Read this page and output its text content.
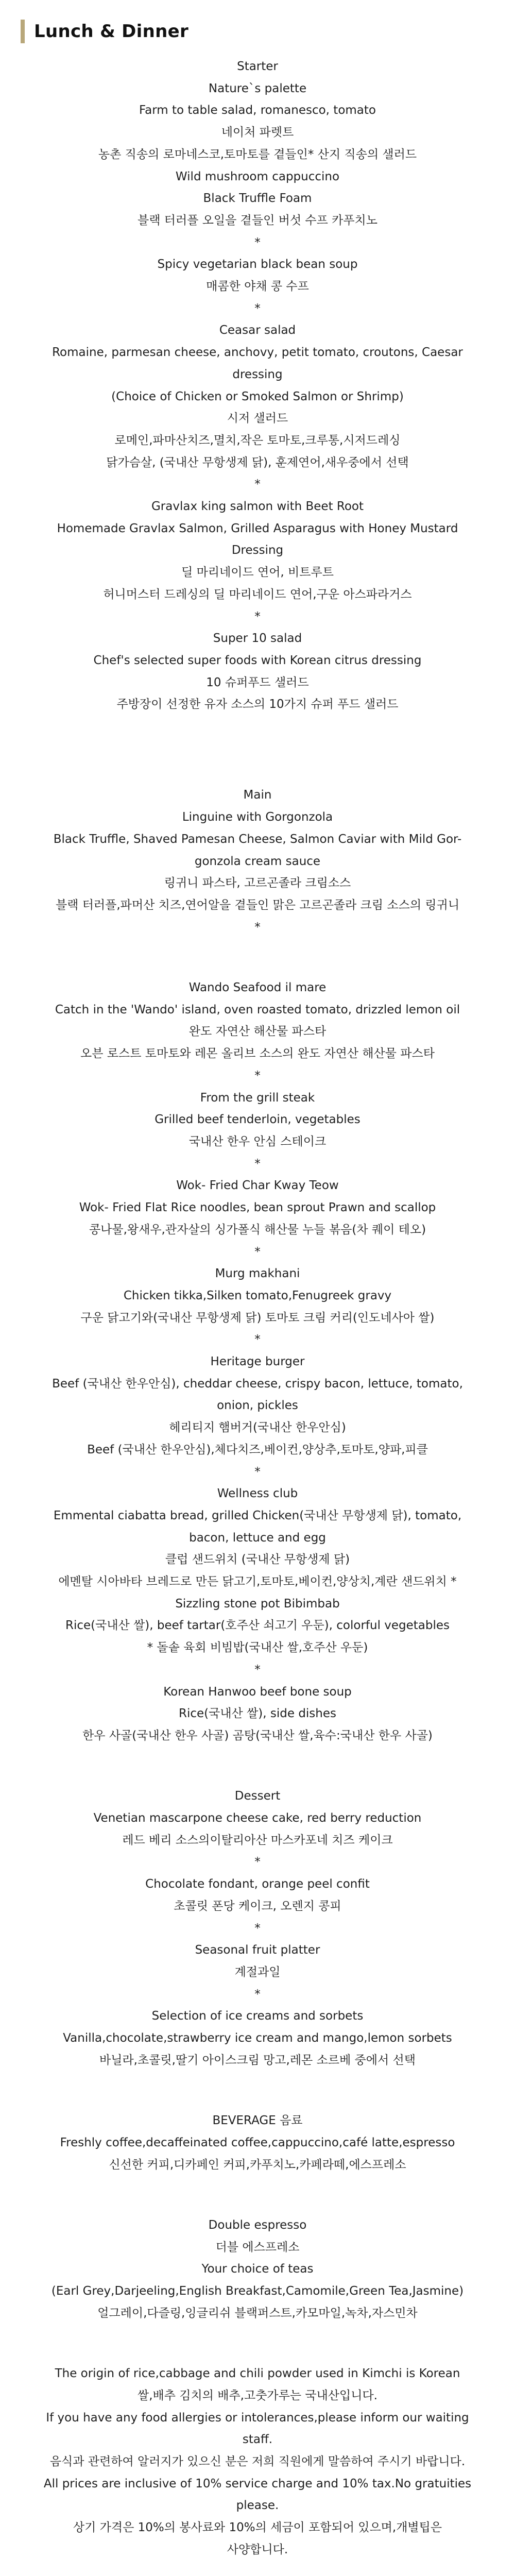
Lunch & Dinner

Starter

Nature`s palette

Farm to table salad, romanesco, tomato

네이처 파렛트

농촌 직송의 로마네스코,토마토를 곁들인* 산지 직송의 샐러드

Wild mushroom cappuccino

Black Truffle Foam

블랙 터러플 오일을 곁들인 버섯 수프 카푸치노

*

Spicy vegetarian black bean soup

매콤한 야채 콩 수프

*

Ceasar salad

Romaine, parmesan cheese, anchovy, petit tomato, croutons, Caesar

dressing

(Choice of Chicken or Smoked Salmon or Shrimp)

시저 샐러드

로메인,파마산치즈,멸치,작은 토마토,크루통,시저드레싱

닭가슴살, (국내산 무항생제 닭), 훈제연어,새우중에서 선택

*

Gravlax king salmon with Beet Root

Homemade Gravlax Salmon, Grilled Asparagus with Honey Mustard

Dressing

딜 마리네이드 연어, 비트루트

허니머스터 드레싱의 딜 마리네이드 연어,구운 아스파라거스

*

Super 10 salad

Chef's selected super foods with Korean citrus dressing

10 슈퍼푸드 샐러드

주방장이 선정한 유자 소스의 10가지 슈퍼 푸드 샐러드

Main

Linguine with Gorgonzola

Black Truffle, Shaved Pamesan Cheese, Salmon Caviar with Mild Gor-

gonzola cream sauce

링귀니 파스타, 고르곤졸라 크림소스

블랙 터러플,파머산 치즈,연어알을 곁들인 맑은 고르곤졸라 크림 소스의 링귀니

*

Wando Seafood il mare

Catch in the 'Wando' island, oven roasted tomato, drizzled lemon oil

완도 자연산 해산물 파스타

오븐 로스트 토마토와 레몬 올리브 소스의 완도 자연산 해산물 파스타

*

From the grill steak

Grilled beef tenderloin, vegetables

국내산 한우 안심 스테이크

*

Wok- Fried Char Kway Teow

Wok- Fried Flat Rice noodles, bean sprout Prawn and scallop

콩나물,왕새우,관자살의 싱가폴식 해산물 누들 볶음(차 퀘이 테오)

*

Murg makhani

Chicken tikka,Silken tomato,Fenugreek gravy

구운 닭고기와(국내산 무항생제 닭) 토마토 크림 커리(인도네사아 쌀)

*

Heritage burger

Beef (국내산 한우안심), cheddar cheese, crispy bacon, lettuce, tomato,

onion, pickles

헤리티지 햄버거(국내산 한우안심)

Beef (국내산 한우안심),체다치즈,베이컨,양상추,토마토,양파,피클

*

Wellness club

Emmental ciabatta bread, grilled Chicken(국내산 무항생제 닭), tomato,

bacon, lettuce and egg

클럽 샌드위치 (국내산 무항생제 닭)

에멘탈 시아바타 브레드로 만든 닭고기,토마토,베이컨,양상치,계란 샌드위치 *

Sizzling stone pot Bibimbab

Rice(국내산 쌀), beef tartar(호주산 쇠고기 우둔), colorful vegetables

* 돌솥 육회 비빔밥(국내산 쌀,호주산 우둔)

*

Korean Hanwoo beef bone soup

Rice(국내산 쌀), side dishes

한우 사골(국내산 한우 사골) 곰탕(국내산 쌀,육수:국내산 한우 사골)

Dessert

Venetian mascarpone cheese cake, red berry reduction

레드 베리 소스의이탈리아산 마스카포네 치즈 케이크

*

Chocolate fondant, orange peel confit

초콜릿 폰당 케이크, 오렌지 콩피

*

Seasonal fruit platter

계절과일

*

Selection of ice creams and sorbets

Vanilla,chocolate,strawberry ice cream and mango,lemon sorbets

바닐라,초콜릿,딸기 아이스크림 망고,레몬 소르베 중에서 선택

BEVERAGE 음료

Freshly coffee,decaffeinated coffee,cappuccino,café latte,espresso

신선한 커피,디카페인 커피,카푸치노,카페라떼,에스프레소

Double espresso

더블 에스프레소

Your choice of teas

(Earl Grey,Darjeeling,English Breakfast,Camomile,Green Tea,Jasmine)

얼그레이,다즐링,잉글리쉬 블랙퍼스트,카모마일,녹차,자스민차

The origin of rice,cabbage and chili powder used in Kimchi is Korean

쌀,배추 김치의 배추,고춧가루는 국내산입니다.

If you have any food allergies or intolerances,please inform our waiting

staff.

음식과 관련하여 알러지가 있으신 분은 저희 직원에게 말씀하여 주시기 바랍니다.

All prices are inclusive of 10% service charge and 10% tax.No gratuities

please.

상기 가격은 10%의 봉사료와 10%의 세금이 포함되어 있으며,개별팁은

사양합니다.
